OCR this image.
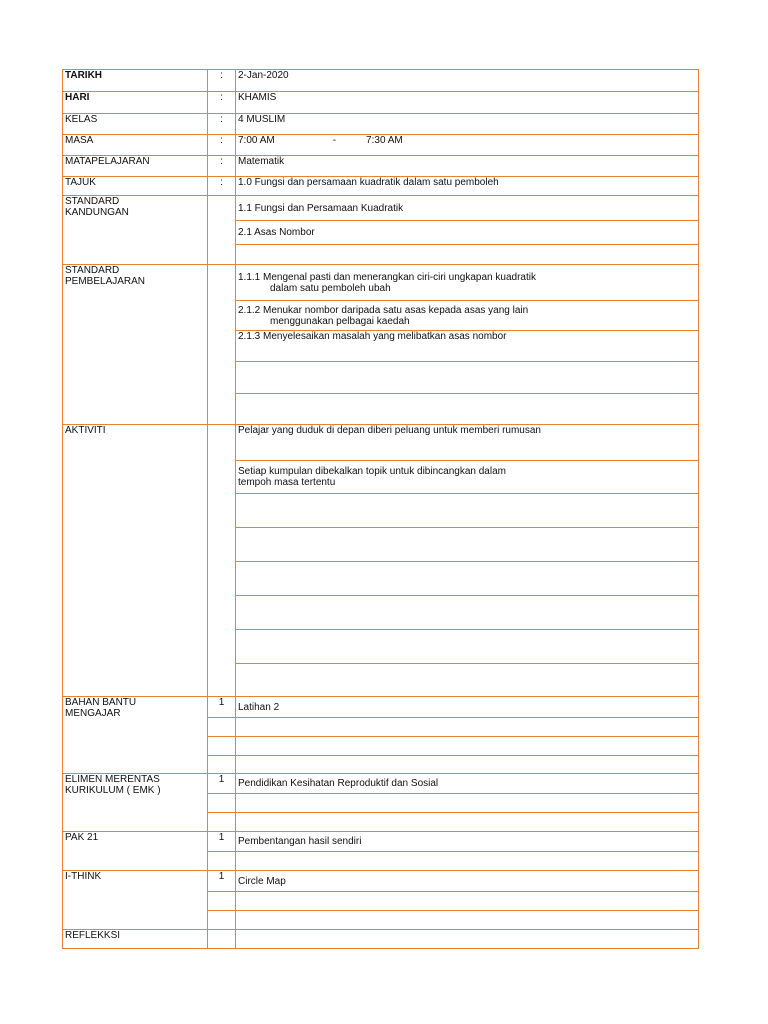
TARIKH	:	2-Jan-2020
HARI	:	KHAMIS
KELAS	:	4 MUSLIM
MASA	:	7:00 AM - 7:30 AM
MATAPELAJARAN	:	Matematik
TAJUK	:	1.0 Fungsi dan persamaan kuadratik dalam satu pemboleh
STANDARD
KANDUNGAN		1.1 Fungsi dan Persamaan Kuadratik
		2.1 Asas Nombor

STANDARD
PEMBELAJARAN		1.1.1 Mengenal pasti dan menerangkan ciri-ciri ungkapan kuadratik
dalam satu pemboleh ubah

		2.1.2 Menukar nombor daripada satu asas kepada asas yang lain
menggunakan pelbagai kaedah

		2.1.3 Menyelesaikan masalah yang melibatkan asas nombor

AKTIVITI		Pelajar yang duduk di depan diberi peluang untuk memberi rumusan
		Setiap kumpulan dibekalkan topik untuk dibincangkan dalam
tempoh masa tertentu

BAHAN BANTU
MENGAJAR	1	Latihan 2

ELIMEN MERENTAS
KURIKULUM ( EMK )	1	Pendidikan Kesihatan Reproduktif dan Sosial

PAK 21	1	Pembentangan hasil sendiri

I-THINK	1	Circle Map

REFLEKKSI		
